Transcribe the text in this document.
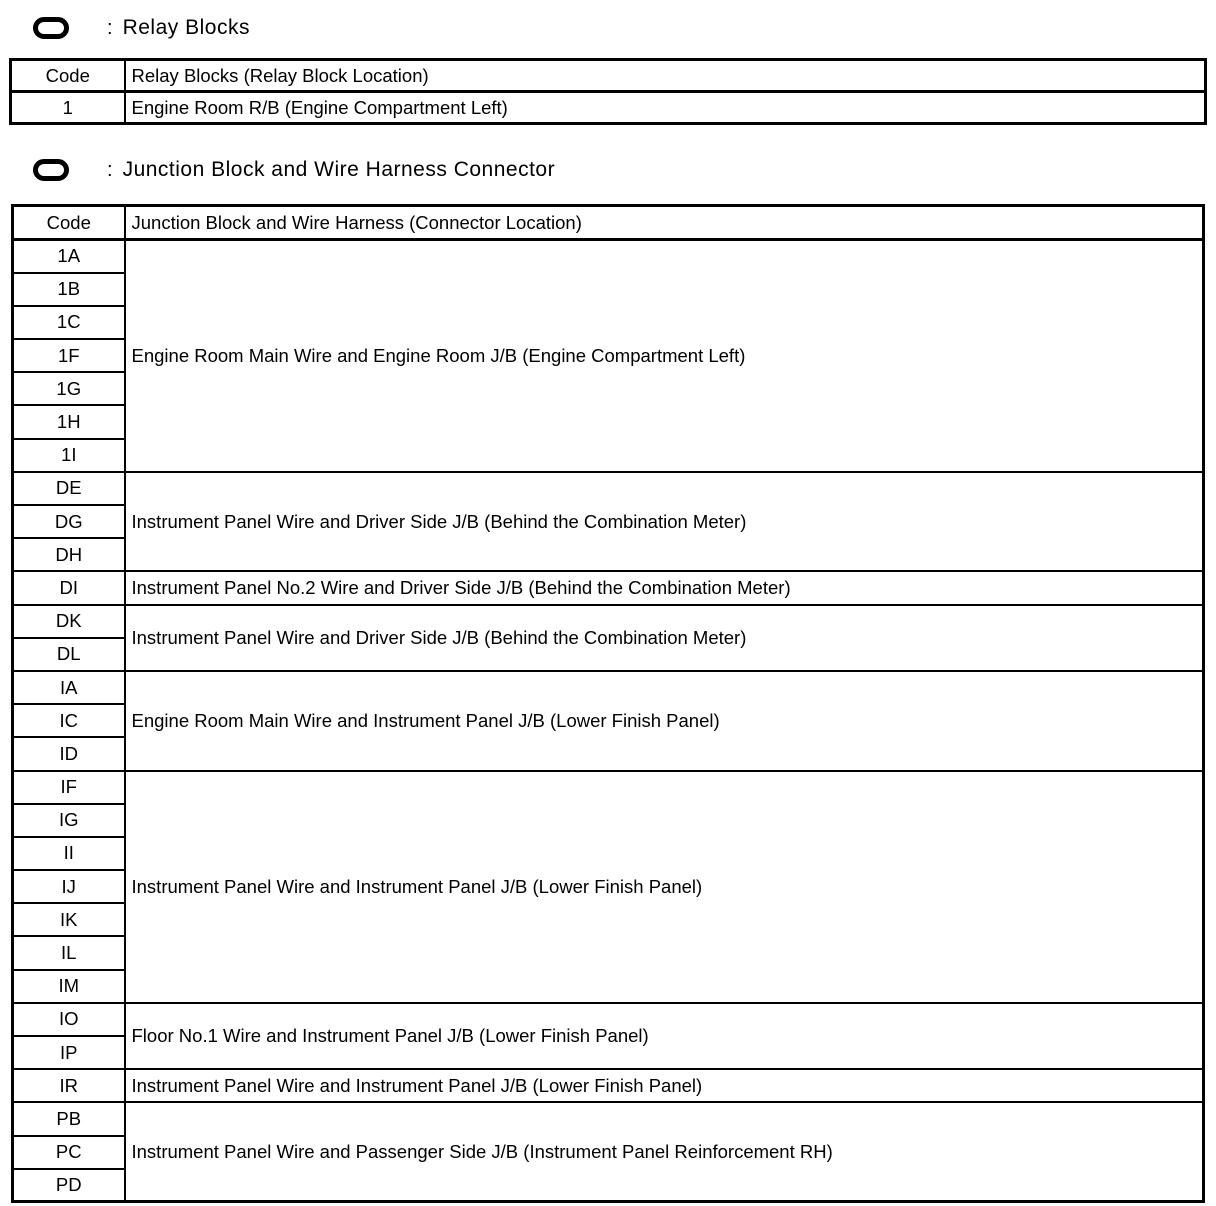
: Relay Blocks
Code	Relay Blocks (Relay Block Location)
1	Engine Room R/B (Engine Compartment Left)
: Junction Block and Wire Harness Connector
Code	Junction Block and Wire Harness (Connector Location)
1A	Engine Room Main Wire and Engine Room J/B (Engine Compartment Left)
1B	
1C	
1F	
1G	
1H	
1I	
DE	Instrument Panel Wire and Driver Side J/B (Behind the Combination Meter)
DG	
DH	
DI	Instrument Panel No.2 Wire and Driver Side J/B (Behind the Combination Meter)
DK	Instrument Panel Wire and Driver Side J/B (Behind the Combination Meter)
DL	
IA	Engine Room Main Wire and Instrument Panel J/B (Lower Finish Panel)
IC	
ID	
IF	Instrument Panel Wire and Instrument Panel J/B (Lower Finish Panel)
IG	
II	
IJ	
IK	
IL	
IM	
IO	Floor No.1 Wire and Instrument Panel J/B (Lower Finish Panel)
IP	
IR	Instrument Panel Wire and Instrument Panel J/B (Lower Finish Panel)
PB	Instrument Panel Wire and Passenger Side J/B (Instrument Panel Reinforcement RH)
PC	
PD	
